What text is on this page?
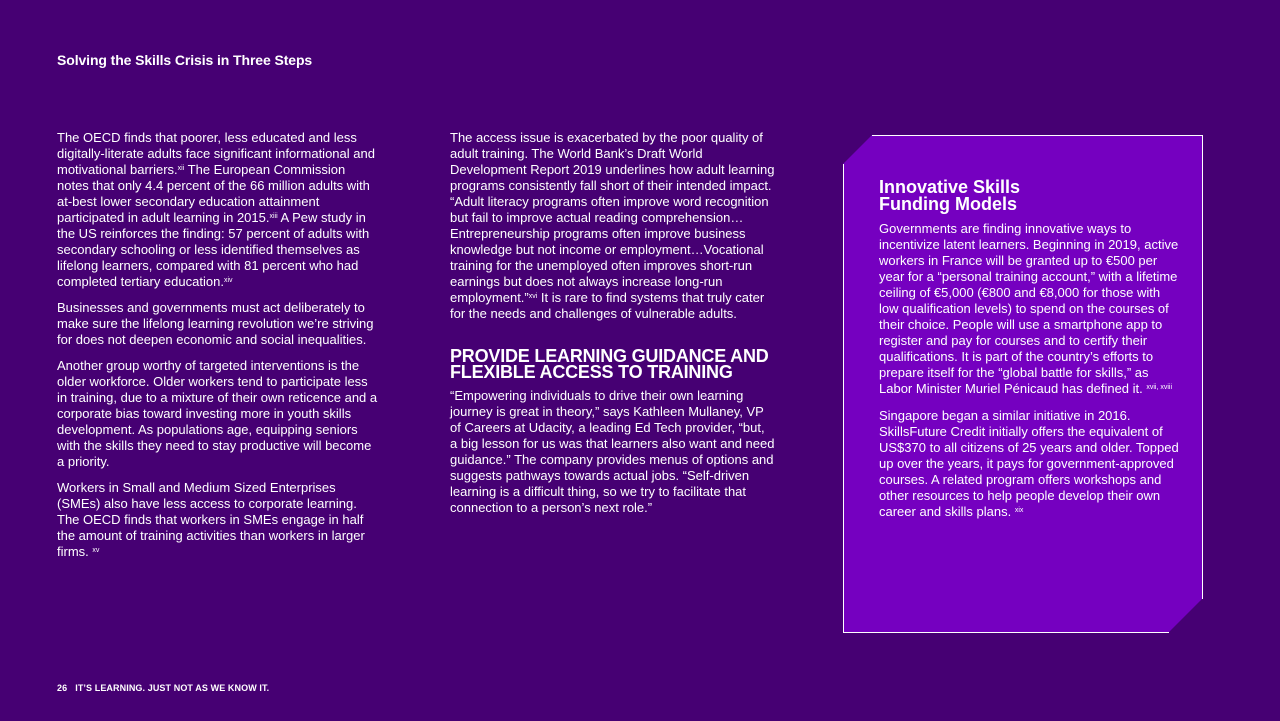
Solving the Skills Crisis in Three Steps

The OECD finds that poorer, less educated and less digitally-literate adults face significant informational and motivational barriers.$^{xii}$ The European Commission notes that only 4.4 percent of the 66 million adults with at-best lower secondary education attainment participated in adult learning in 2015.$^{xiii}$ A Pew study in the US reinforces the finding: 57 percent of adults with secondary schooling or less identified themselves as lifelong learners, compared with 81 percent who had completed tertiary education.$^{xiv}$

Businesses and governments must act deliberately to make sure the lifelong learning revolution we’re striving for does not deepen economic and social inequalities.

Another group worthy of targeted interventions is the older workforce. Older workers tend to participate less in training, due to a mixture of their own reticence and a corporate bias toward investing more in youth skills development. As populations age, equipping seniors with the skills they need to stay productive will become a priority.

Workers in Small and Medium Sized Enterprises (SMEs) also have less access to corporate learning. The OECD finds that workers in SMEs engage in half the amount of training activities than workers in larger firms. $^{xv}$

The access issue is exacerbated by the poor quality of adult training. The World Bank’s Draft World Development Report 2019 underlines how adult learning programs consistently fall short of their intended impact. “Adult literacy programs often improve word recognition but fail to improve actual reading comprehension…Entrepreneurship programs often improve business knowledge but not income or employment…Vocational training for the unemployed often improves short-run earnings but does not always increase long-run employment.”$^{xvi}$ It is rare to find systems that truly cater for the needs and challenges of vulnerable adults.

PROVIDE LEARNING GUIDANCE AND FLEXIBLE ACCESS TO TRAINING

“Empowering individuals to drive their own learning journey is great in theory,” says Kathleen Mullaney, VP of Careers at Udacity, a leading Ed Tech provider, “but, a big lesson for us was that learners also want and need guidance.” The company provides menus of options and suggests pathways towards actual jobs. “Self-driven learning is a difficult thing, so we try to facilitate that connection to a person’s next role.”

Innovative Skills Funding Models

Governments are finding innovative ways to incentivize latent learners. Beginning in 2019, active workers in France will be granted up to €500 per year for a “personal training account,” with a lifetime ceiling of €5,000 (€800 and €8,000 for those with low qualification levels) to spend on the courses of their choice. People will use a smartphone app to register and pay for courses and to certify their qualifications. It is part of the country’s efforts to prepare itself for the “global battle for skills,” as Labor Minister Muriel Pénicaud has defined it. $^{xvii, xviii}$

Singapore began a similar initiative in 2016. SkillsFuture Credit initially offers the equivalent of US$370 to all citizens of 25 years and older. Topped up over the years, it pays for government-approved courses. A related program offers workshops and other resources to help people develop their own career and skills plans. $^{xix}$

26 IT’S LEARNING. JUST NOT AS WE KNOW IT.
